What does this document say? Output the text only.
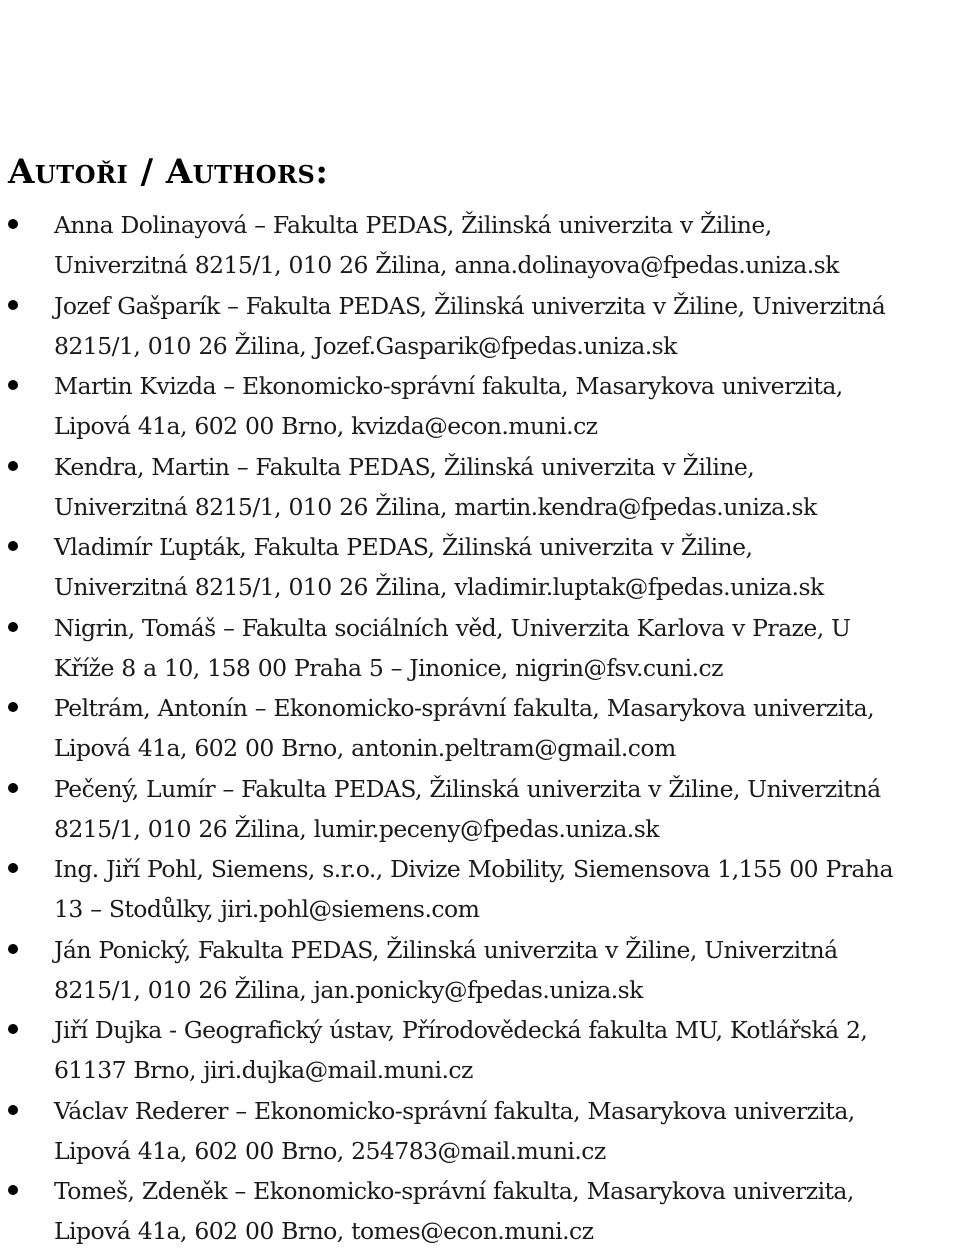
Autoři / Authors:
Anna Dolinayová – Fakulta PEDAS, Žilinská univerzita v Žiline,
Univerzitná 8215/1, 010 26 Žilina, anna.dolinayova@fpedas.uniza.sk
Jozef Gašparík – Fakulta PEDAS, Žilinská univerzita v Žiline, Univerzitná
8215/1, 010 26 Žilina, Jozef.Gasparik@fpedas.uniza.sk
Martin Kvizda – Ekonomicko-správní fakulta, Masarykova univerzita,
Lipová 41a, 602 00 Brno, kvizda@econ.muni.cz
Kendra, Martin – Fakulta PEDAS, Žilinská univerzita v Žiline,
Univerzitná 8215/1, 010 26 Žilina, martin.kendra@fpedas.uniza.sk
Vladimír Ľupták, Fakulta PEDAS, Žilinská univerzita v Žiline,
Univerzitná 8215/1, 010 26 Žilina, vladimir.luptak@fpedas.uniza.sk
Nigrin, Tomáš – Fakulta sociálních věd, Univerzita Karlova v Praze, U
Kříže 8 a 10, 158 00 Praha 5 – Jinonice, nigrin@fsv.cuni.cz
Peltrám, Antonín – Ekonomicko-správní fakulta, Masarykova univerzita,
Lipová 41a, 602 00 Brno, antonin.peltram@gmail.com
Pečený, Lumír – Fakulta PEDAS, Žilinská univerzita v Žiline, Univerzitná
8215/1, 010 26 Žilina, lumir.peceny@fpedas.uniza.sk
Ing. Jiří Pohl, Siemens, s.r.o., Divize Mobility, Siemensova 1,155 00 Praha
13 – Stodůlky, jiri.pohl@siemens.com
Ján Ponický, Fakulta PEDAS, Žilinská univerzita v Žiline, Univerzitná
8215/1, 010 26 Žilina, jan.ponicky@fpedas.uniza.sk
Jiří Dujka - Geografický ústav, Přírodovědecká fakulta MU, Kotlářská 2,
61137 Brno, jiri.dujka@mail.muni.cz
Václav Rederer – Ekonomicko-správní fakulta, Masarykova univerzita,
Lipová 41a, 602 00 Brno, 254783@mail.muni.cz
Tomeš, Zdeněk – Ekonomicko-správní fakulta, Masarykova univerzita,
Lipová 41a, 602 00 Brno, tomes@econ.muni.cz
